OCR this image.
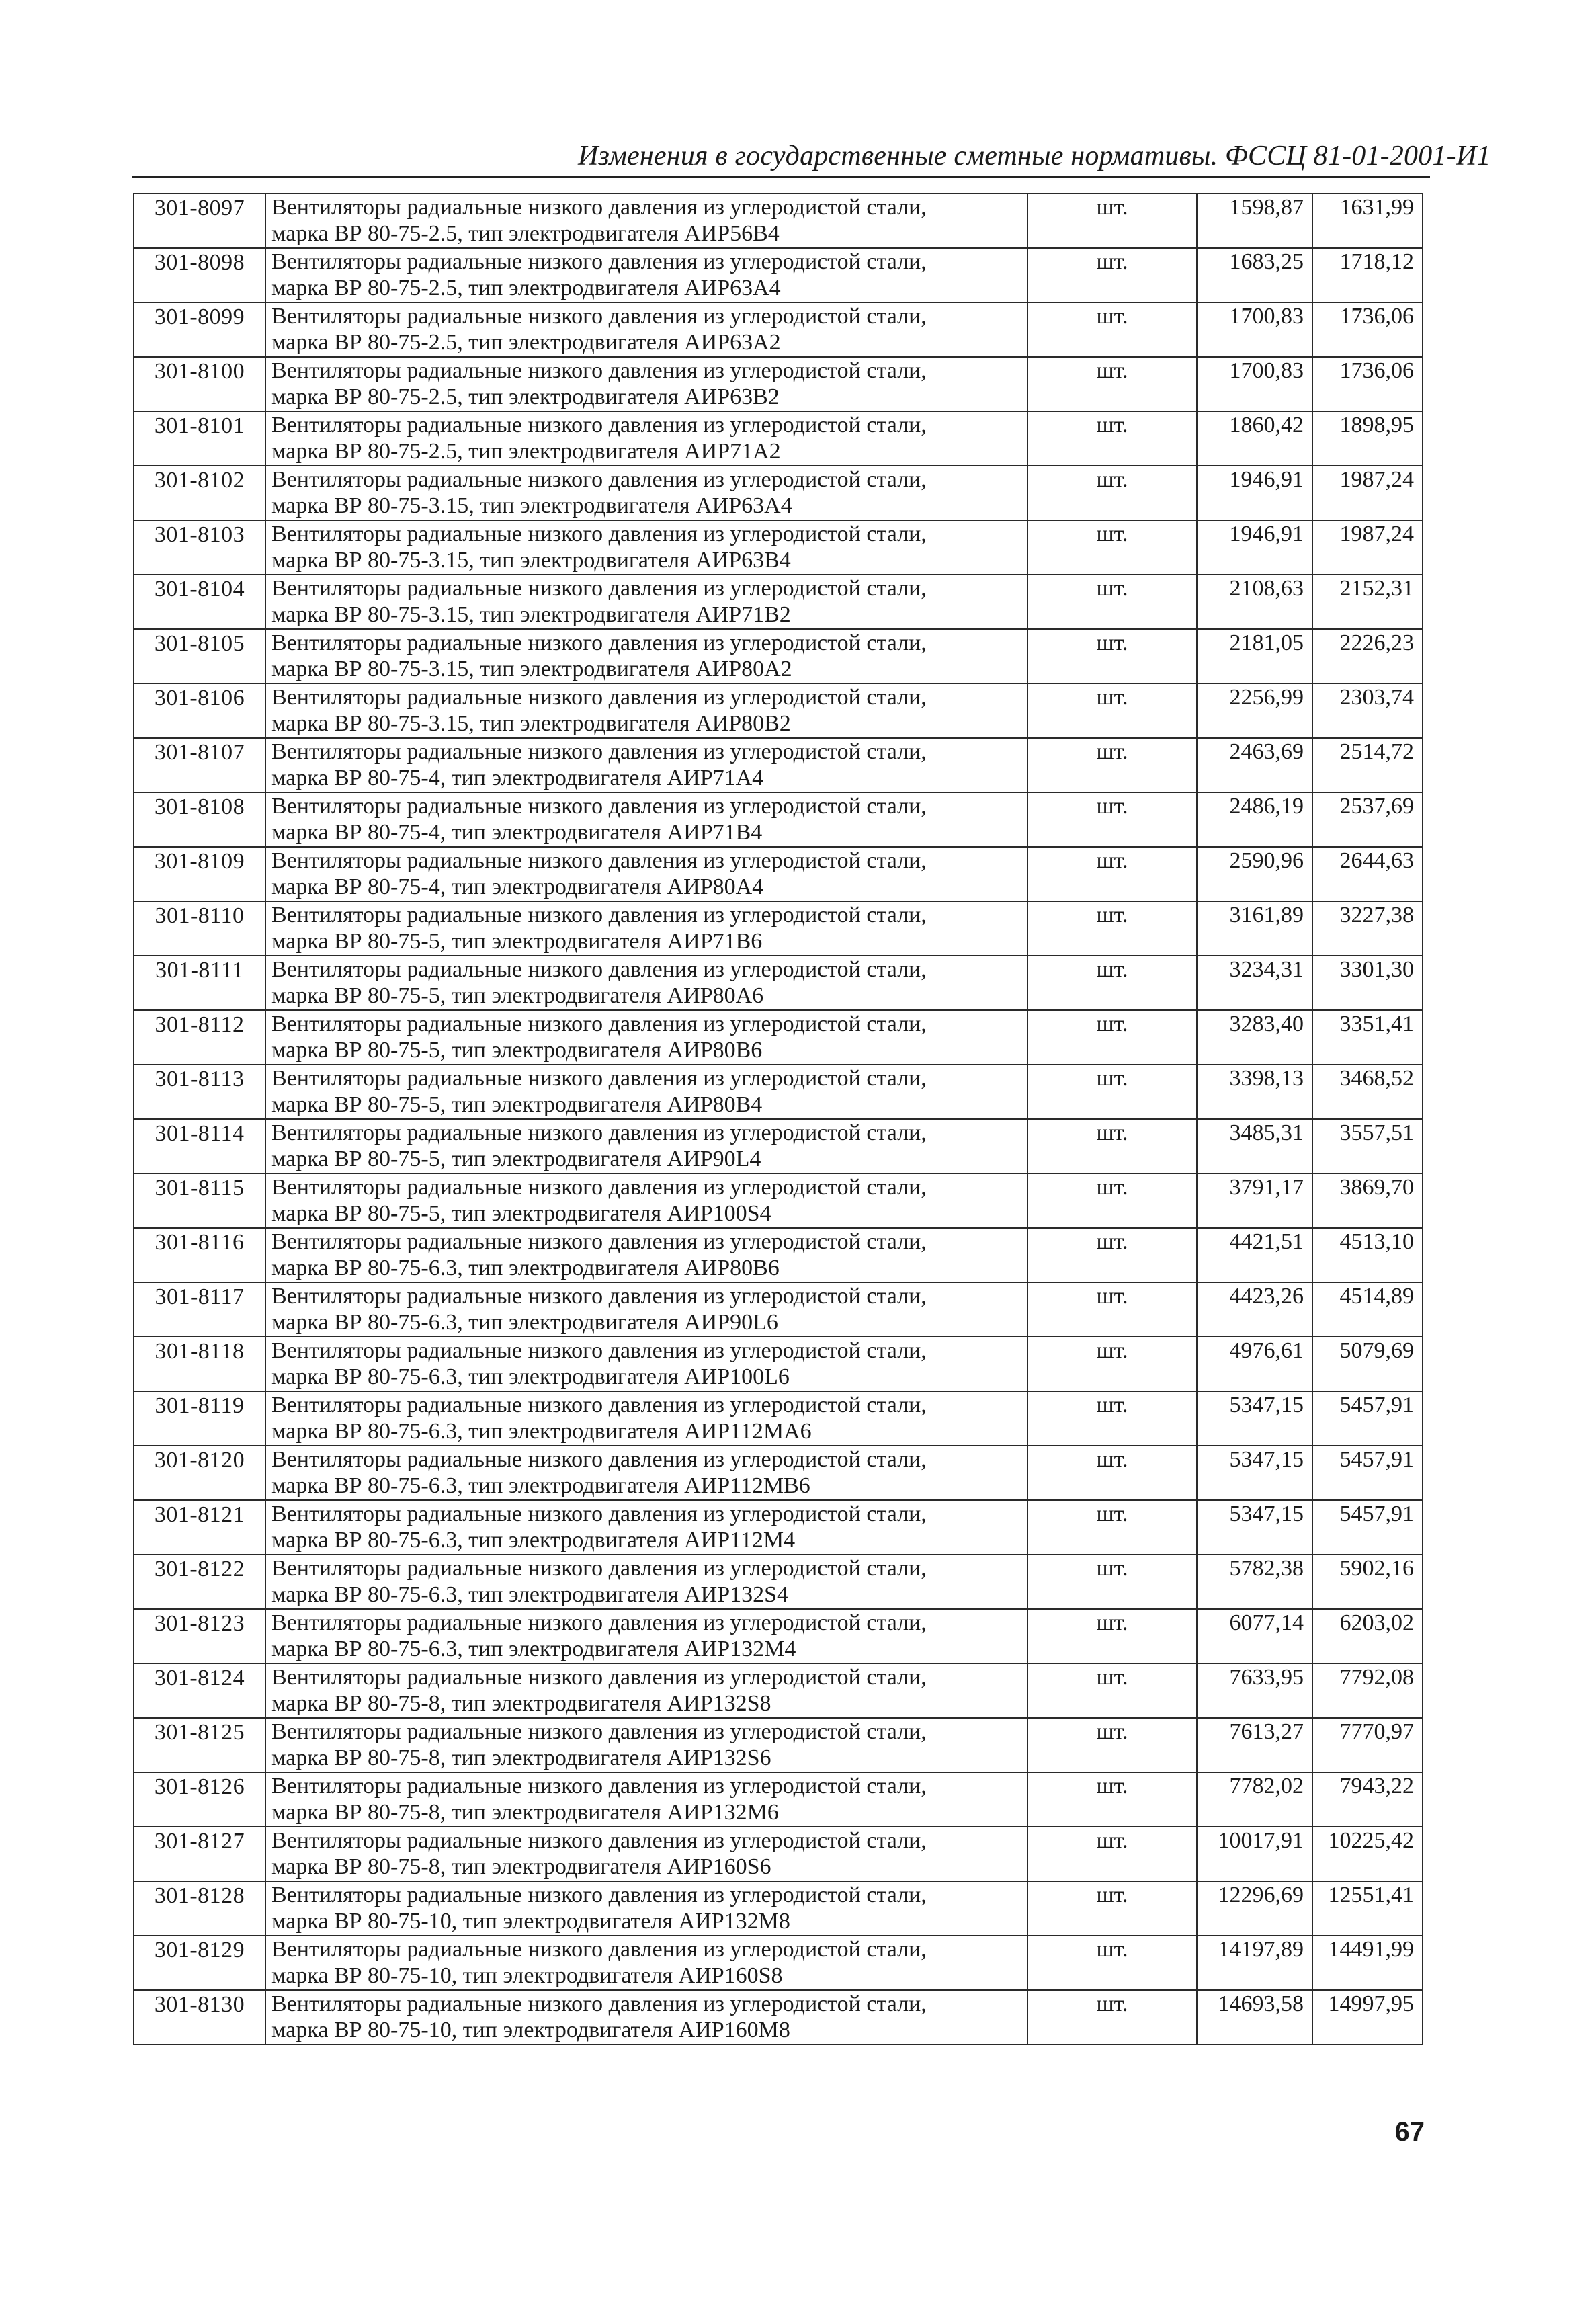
Изменения в государственные сметные нормативы. ФССЦ 81-01-2001-И1
301-8097	Вентиляторы радиальные низкого давления из углеродистой стали,
марка ВР 80-75-2.5, тип электродвигателя АИР56В4	шт.	1598,87	1631,99
301-8098	Вентиляторы радиальные низкого давления из углеродистой стали,
марка ВР 80-75-2.5, тип электродвигателя АИР63А4	шт.	1683,25	1718,12
301-8099	Вентиляторы радиальные низкого давления из углеродистой стали,
марка ВР 80-75-2.5, тип электродвигателя АИР63А2	шт.	1700,83	1736,06
301-8100	Вентиляторы радиальные низкого давления из углеродистой стали,
марка ВР 80-75-2.5, тип электродвигателя АИР63В2	шт.	1700,83	1736,06
301-8101	Вентиляторы радиальные низкого давления из углеродистой стали,
марка ВР 80-75-2.5, тип электродвигателя АИР71А2	шт.	1860,42	1898,95
301-8102	Вентиляторы радиальные низкого давления из углеродистой стали,
марка ВР 80-75-3.15, тип электродвигателя АИР63А4	шт.	1946,91	1987,24
301-8103	Вентиляторы радиальные низкого давления из углеродистой стали,
марка ВР 80-75-3.15, тип электродвигателя АИР63В4	шт.	1946,91	1987,24
301-8104	Вентиляторы радиальные низкого давления из углеродистой стали,
марка ВР 80-75-3.15, тип электродвигателя АИР71В2	шт.	2108,63	2152,31
301-8105	Вентиляторы радиальные низкого давления из углеродистой стали,
марка ВР 80-75-3.15, тип электродвигателя АИР80А2	шт.	2181,05	2226,23
301-8106	Вентиляторы радиальные низкого давления из углеродистой стали,
марка ВР 80-75-3.15, тип электродвигателя АИР80В2	шт.	2256,99	2303,74
301-8107	Вентиляторы радиальные низкого давления из углеродистой стали,
марка ВР 80-75-4, тип электродвигателя АИР71А4	шт.	2463,69	2514,72
301-8108	Вентиляторы радиальные низкого давления из углеродистой стали,
марка ВР 80-75-4, тип электродвигателя АИР71В4	шт.	2486,19	2537,69
301-8109	Вентиляторы радиальные низкого давления из углеродистой стали,
марка ВР 80-75-4, тип электродвигателя АИР80А4	шт.	2590,96	2644,63
301-8110	Вентиляторы радиальные низкого давления из углеродистой стали,
марка ВР 80-75-5, тип электродвигателя АИР71В6	шт.	3161,89	3227,38
301-8111	Вентиляторы радиальные низкого давления из углеродистой стали,
марка ВР 80-75-5, тип электродвигателя АИР80А6	шт.	3234,31	3301,30
301-8112	Вентиляторы радиальные низкого давления из углеродистой стали,
марка ВР 80-75-5, тип электродвигателя АИР80В6	шт.	3283,40	3351,41
301-8113	Вентиляторы радиальные низкого давления из углеродистой стали,
марка ВР 80-75-5, тип электродвигателя АИР80В4	шт.	3398,13	3468,52
301-8114	Вентиляторы радиальные низкого давления из углеродистой стали,
марка ВР 80-75-5, тип электродвигателя АИР90L4	шт.	3485,31	3557,51
301-8115	Вентиляторы радиальные низкого давления из углеродистой стали,
марка ВР 80-75-5, тип электродвигателя АИР100S4	шт.	3791,17	3869,70
301-8116	Вентиляторы радиальные низкого давления из углеродистой стали,
марка ВР 80-75-6.3, тип электродвигателя АИР80В6	шт.	4421,51	4513,10
301-8117	Вентиляторы радиальные низкого давления из углеродистой стали,
марка ВР 80-75-6.3, тип электродвигателя АИР90L6	шт.	4423,26	4514,89
301-8118	Вентиляторы радиальные низкого давления из углеродистой стали,
марка ВР 80-75-6.3, тип электродвигателя АИР100L6	шт.	4976,61	5079,69
301-8119	Вентиляторы радиальные низкого давления из углеродистой стали,
марка ВР 80-75-6.3, тип электродвигателя АИР112МА6	шт.	5347,15	5457,91
301-8120	Вентиляторы радиальные низкого давления из углеродистой стали,
марка ВР 80-75-6.3, тип электродвигателя АИР112МВ6	шт.	5347,15	5457,91
301-8121	Вентиляторы радиальные низкого давления из углеродистой стали,
марка ВР 80-75-6.3, тип электродвигателя АИР112М4	шт.	5347,15	5457,91
301-8122	Вентиляторы радиальные низкого давления из углеродистой стали,
марка ВР 80-75-6.3, тип электродвигателя АИР132S4	шт.	5782,38	5902,16
301-8123	Вентиляторы радиальные низкого давления из углеродистой стали,
марка ВР 80-75-6.3, тип электродвигателя АИР132М4	шт.	6077,14	6203,02
301-8124	Вентиляторы радиальные низкого давления из углеродистой стали,
марка ВР 80-75-8, тип электродвигателя АИР132S8	шт.	7633,95	7792,08
301-8125	Вентиляторы радиальные низкого давления из углеродистой стали,
марка ВР 80-75-8, тип электродвигателя АИР132S6	шт.	7613,27	7770,97
301-8126	Вентиляторы радиальные низкого давления из углеродистой стали,
марка ВР 80-75-8, тип электродвигателя АИР132М6	шт.	7782,02	7943,22
301-8127	Вентиляторы радиальные низкого давления из углеродистой стали,
марка ВР 80-75-8, тип электродвигателя АИР160S6	шт.	10017,91	10225,42
301-8128	Вентиляторы радиальные низкого давления из углеродистой стали,
марка ВР 80-75-10, тип электродвигателя АИР132М8	шт.	12296,69	12551,41
301-8129	Вентиляторы радиальные низкого давления из углеродистой стали,
марка ВР 80-75-10, тип электродвигателя АИР160S8	шт.	14197,89	14491,99
301-8130	Вентиляторы радиальные низкого давления из углеродистой стали,
марка ВР 80-75-10, тип электродвигателя АИР160М8	шт.	14693,58	14997,95
67
